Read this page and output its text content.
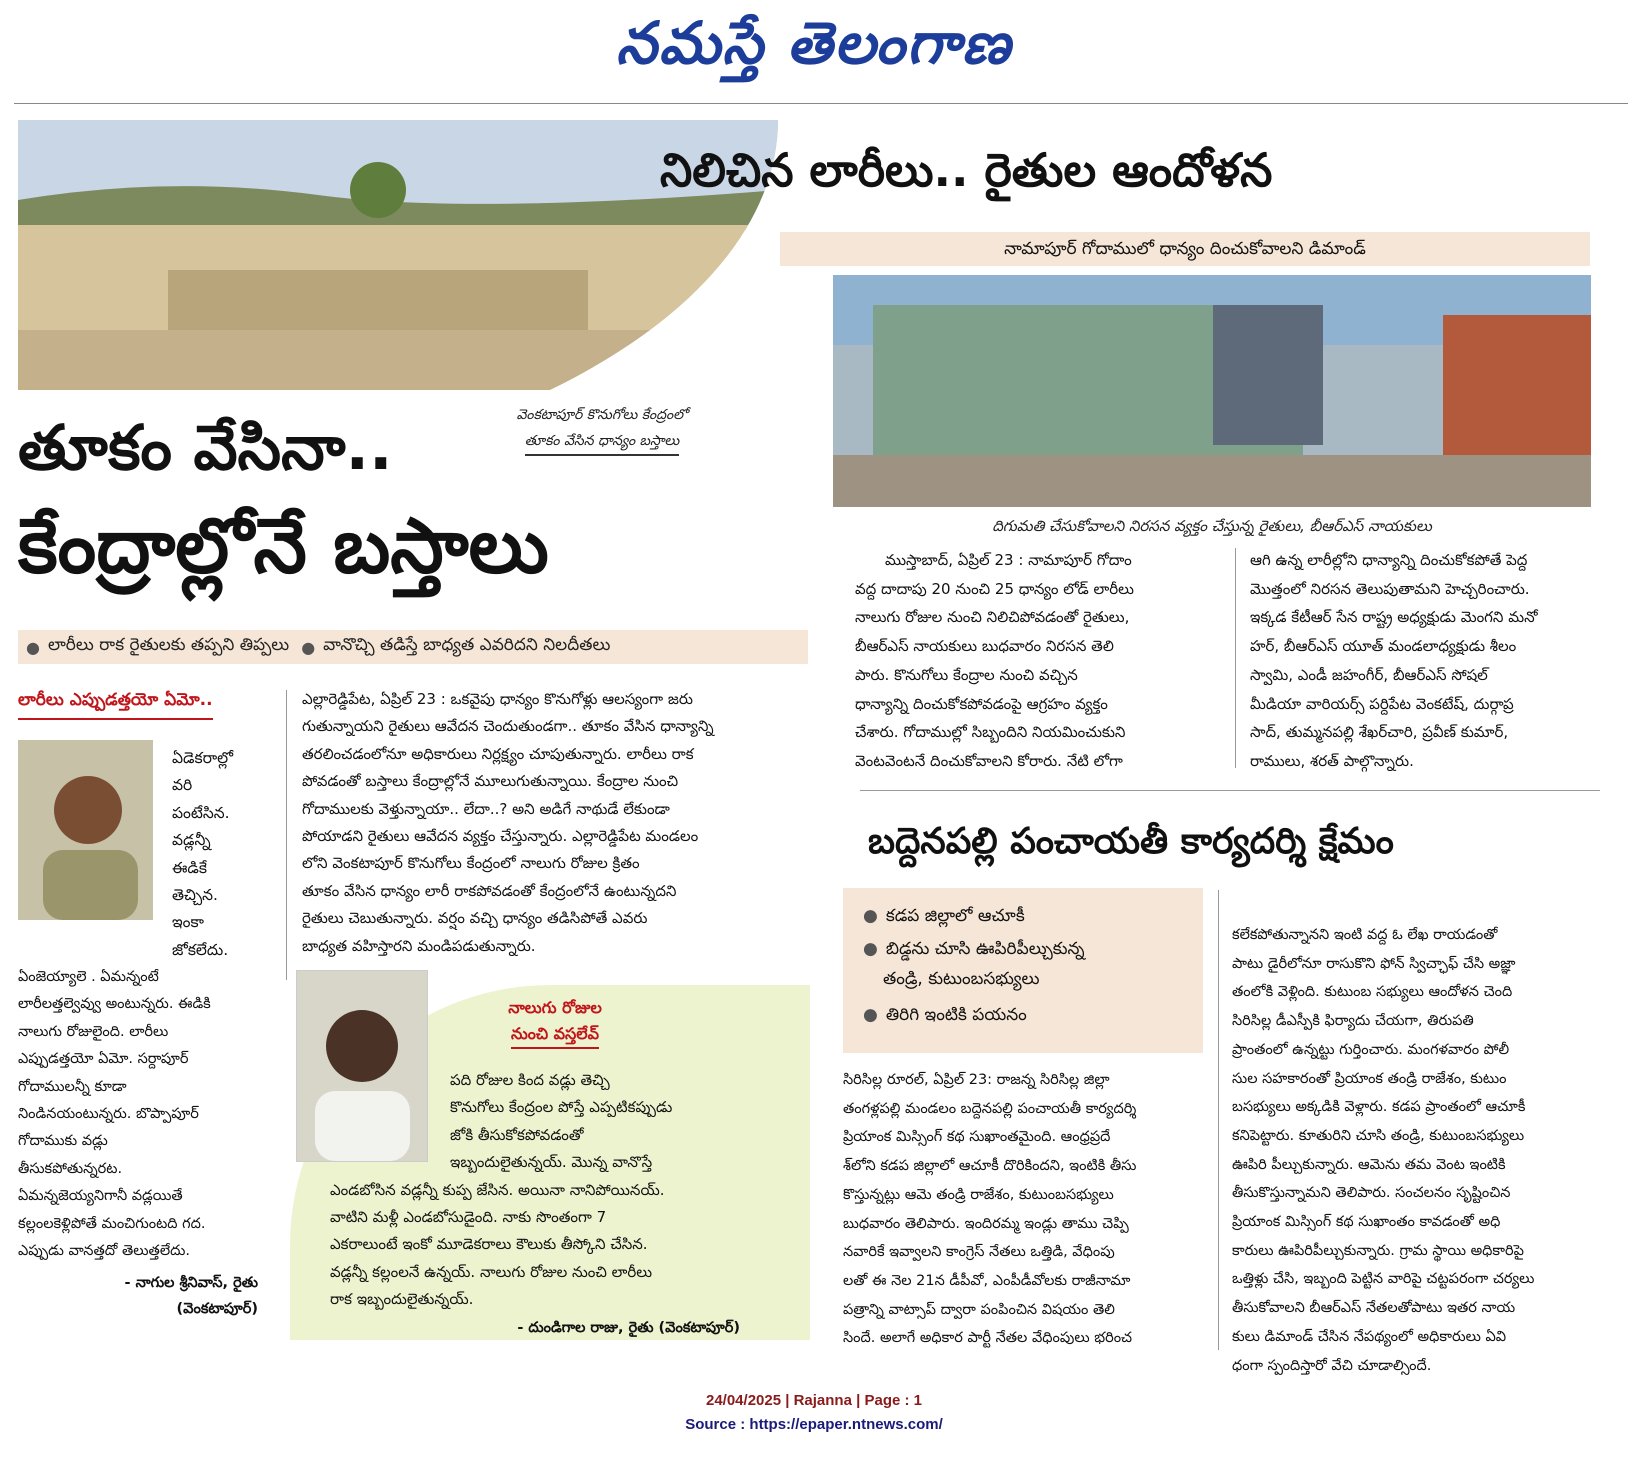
నమస్తే తెలంగాణ
వెంకటాపూర్ కొనుగోలు కేంద్రంలో
తూకం వేసిన ధాన్యం బస్తాలు
తూకం వేసినా..
కేంద్రాల్లోనే బస్తాలు
● లారీలు రాక రైతులకు తప్పని తిప్పలు ● వానొచ్చి తడిస్తే బాధ్యత ఎవరిదని నిలదీతలు
లారీలు ఎప్పుడత్తయో ఏమో..
ఏడెకరాల్లో
వరి
పంటేసిన.
వడ్లన్నీ
ఈడికే
తెచ్చిన.
ఇంకా
జోకలేదు.
ఏంజెయ్యాలె . ఏమన్నంటే
లారీలత్తల్వెవ్వు అంటున్నరు. ఈడికి
నాలుగు రోజులైంది. లారీలు
ఎప్పుడత్తయో ఏమో. సర్దాపూర్
గోదాములన్నీ కూడా
నిండినయంటున్నరు. బొప్పాపూర్
గోదాముకు వడ్లు
తీసుకపోతున్నరట.
ఏమన్నజెయ్యనిగానీ వడ్లయితే
కల్లంలకెళ్లిపోతే మంచిగుంటది గద.
ఎప్పుడు వానత్తదో తెలుత్తలేదు.
- నాగుల శ్రీనివాస్, రైతు
(వెంకటాపూర్)
ఎల్లారెడ్డిపేట, ఏప్రిల్ 23 : ఒకవైపు ధాన్యం కొనుగోళ్లు ఆలస్యంగా జరు
గుతున్నాయని రైతులు ఆవేదన చెందుతుండగా.. తూకం వేసిన ధాన్యాన్ని
తరలించడంలోనూ అధికారులు నిర్లక్ష్యం చూపుతున్నారు. లారీలు రాక
పోవడంతో బస్తాలు కేంద్రాల్లోనే మూలుగుతున్నాయి. కేంద్రాల నుంచి
గోదాములకు వెళ్తున్నాయా.. లేదా..? అని అడిగే నాథుడే లేకుండా
పోయాడని రైతులు ఆవేదన వ్యక్తం చేస్తున్నారు. ఎల్లారెడ్డిపేట మండలం
లోని వెంకటాపూర్ కొనుగోలు కేంద్రంలో నాలుగు రోజుల క్రితం
తూకం వేసిన ధాన్యం లారీ రాకపోవడంతో కేంద్రంలోనే ఉంటున్నదని
రైతులు చెబుతున్నారు. వర్షం వచ్చి ధాన్యం తడిసిపోతే ఎవరు
బాధ్యత వహిస్తారని మండిపడుతున్నారు.
నాలుగు రోజుల
నుంచి వస్తలేవ్
పది రోజుల కింద వడ్లు తెచ్చి
కొనుగోలు కేంద్రంల పోస్తే ఎప్పటికప్పుడు
జోకి తీసుకోకపోవడంతో
ఇబ్బందులైతున్నయ్. మొన్న వానొస్తే
ఎండబోసిన వడ్లన్నీ కుప్ప జేసిన. అయినా నానిపోయినయ్.
వాటిని మళ్లీ ఎండబోసుడైంది. నాకు సొంతంగా 7
ఎకరాలుంటే ఇంకో మూడెకరాలు కౌలుకు తీస్కోని చేసిన.
వడ్లన్నీ కల్లంలనే ఉన్నయ్. నాలుగు రోజుల నుంచి లారీలు
రాక ఇబ్బందులైతున్నయ్.
- దుండిగాల రాజు, రైతు (వెంకటాపూర్)
నిలిచిన లారీలు.. రైతుల ఆందోళన
నామాపూర్ గోదాములో ధాన్యం దించుకోవాలని డిమాండ్
దిగుమతి చేసుకోవాలని నిరసన వ్యక్తం చేస్తున్న రైతులు, బీఆర్ఎస్ నాయకులు
ముస్తాబాద్, ఏప్రిల్ 23 : నామాపూర్ గోదాం
వద్ద దాదాపు 20 నుంచి 25 ధాన్యం లోడ్ లారీలు
నాలుగు రోజుల నుంచి నిలిచిపోవడంతో రైతులు,
బీఆర్ఎస్ నాయకులు బుధవారం నిరసన తెలి
పారు. కొనుగోలు కేంద్రాల నుంచి వచ్చిన
ధాన్యాన్ని దించుకోకపోవడంపై ఆగ్రహం వ్యక్తం
చేశారు. గోదాముల్లో సిబ్బందిని నియమించుకుని
వెంటవెంటనే దించుకోవాలని కోరారు. నేటి లోగా
ఆగి ఉన్న లారీల్లోని ధాన్యాన్ని దించుకోకపోతే పెద్ద
మొత్తంలో నిరసన తెలుపుతామని హెచ్చరించారు.
ఇక్కడ కేటీఆర్ సేన రాష్ట్ర అధ్యక్షుడు మెంగని మనో
హర్, బీఆర్ఎస్ యూత్ మండలాధ్యక్షుడు శీలం
స్వామి, ఎండీ జహంగీర్, బీఆర్ఎస్ సోషల్
మీడియా వారియర్స్ పర్దిపేట వెంకటేష్, దుర్గాప్ర
సాద్, తుమ్మనపల్లి శేఖర్‌చారి, ప్రవీణ్ కుమార్,
రాములు, శరత్ పాల్గొన్నారు.
బద్దెనపల్లి పంచాయతీ కార్యదర్శి క్షేమం
● కడప జిల్లాలో ఆచూకీ
● బిడ్డను చూసి ఊపిరిపీల్చుకున్న
తండ్రి, కుటుంబసభ్యులు
● తిరిగి ఇంటికి పయనం
సిరిసిల్ల రూరల్, ఏప్రిల్ 23: రాజన్న సిరిసిల్ల జిల్లా
తంగళ్లపల్లి మండలం బద్దెనపల్లి పంచాయతీ కార్యదర్శి
ప్రియాంక మిస్సింగ్ కథ సుఖాంతమైంది. ఆంధ్రప్రదే
శ్‌లోని కడప జిల్లాలో ఆచూకీ దొరికిందని, ఇంటికి తీసు
కొస్తున్నట్లు ఆమె తండ్రి రాజేశం, కుటుంబసభ్యులు
బుధవారం తెలిపారు. ఇందిరమ్మ ఇండ్లు తాము చెప్పి
నవారికే ఇవ్వాలని కాంగ్రెస్ నేతలు ఒత్తిడి, వేధింపు
లతో ఈ నెల 21న డీపీవో, ఎంపీడీవోలకు రాజీనామా
పత్రాన్ని వాట్సాప్ ద్వారా పంపించిన విషయం తెలి
సిందే. అలాగే అధికార పార్టీ నేతల వేధింపులు భరించ
కలేకపోతున్నానని ఇంటి వద్ద ఓ లేఖ రాయడంతో
పాటు డైరీలోనూ రాసుకొని ఫోన్ స్విచ్ఛాఫ్ చేసి అజ్ఞా
తంలోకి వెళ్లింది. కుటుంబ సభ్యులు ఆందోళన చెంది
సిరిసిల్ల డీఎస్పీకి ఫిర్యాదు చేయగా, తిరుపతి
ప్రాంతంలో ఉన్నట్టు గుర్తించారు. మంగళవారం పోలీ
సుల సహకారంతో ప్రియాంక తండ్రి రాజేశం, కుటుం
బసభ్యులు అక్కడికి వెళ్లారు. కడప ప్రాంతంలో ఆచూకీ
కనిపెట్టారు. కూతురిని చూసి తండ్రి, కుటుంబసభ్యులు
ఊపిరి పీల్చుకున్నారు. ఆమెను తమ వెంట ఇంటికి
తీసుకొస్తున్నామని తెలిపారు. సంచలనం సృష్టించిన
ప్రియాంక మిస్సింగ్ కథ సుఖాంతం కావడంతో అధి
కారులు ఊపిరిపీల్చుకున్నారు. గ్రామ స్థాయి అధికారిపై
ఒత్తిళ్లు చేసి, ఇబ్బంది పెట్టిన వారిపై చట్టపరంగా చర్యలు
తీసుకోవాలని బీఆర్ఎస్ నేతలతోపాటు ఇతర నాయ
కులు డిమాండ్ చేసిన నేపథ్యంలో అధికారులు ఏవి
ధంగా స్పందిస్తారో వేచి చూడాల్సిందే.
24/04/2025 | Rajanna | Page : 1
Source : https://epaper.ntnews.com/
